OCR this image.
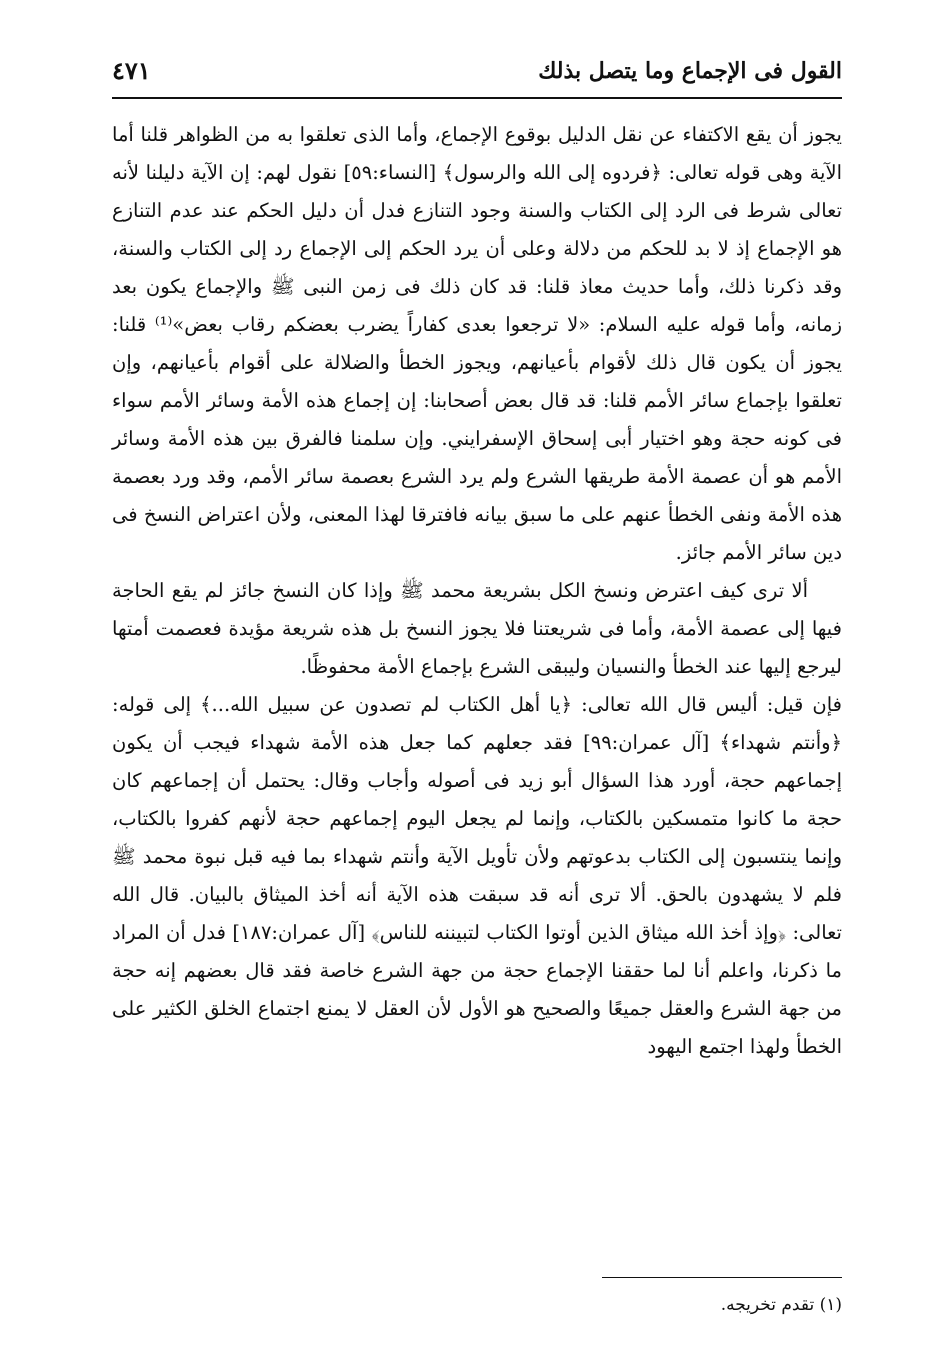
القول فى الإجماع وما يتصل بذلك
٤٧١

يجوز أن يقع الاكتفاء عن نقل الدليل بوقوع الإجماع، وأما الذى تعلقوا به من الظواهر قلنا أما الآية وهى قوله تعالى: ﴿فردوه إلى الله والرسول﴾ [النساء:٥٩] نقول لهم: إن الآية دليلنا لأنه تعالى شرط فى الرد إلى الكتاب والسنة وجود التنازع فدل أن دليل الحكم عند عدم التنازع هو الإجماع إذ لا بد للحكم من دلالة وعلى أن يرد الحكم إلى الإجماع رد إلى الكتاب والسنة، وقد ذكرنا ذلك، وأما حديث معاذ قلنا: قد كان ذلك فى زمن النبى ﷺ والإجماع يكون بعد زمانه، وأما قوله عليه السلام: «لا ترجعوا بعدى كفاراً يضرب بعضكم رقاب بعض»⁽¹⁾ قلنا: يجوز أن يكون قال ذلك لأقوام بأعيانهم، ويجوز الخطأ والضلالة على أقوام بأعيانهم، وإن تعلقوا بإجماع سائر الأمم قلنا: قد قال بعض أصحابنا: إن إجماع هذه الأمة وسائر الأمم سواء فى كونه حجة وهو اختيار أبى إسحاق الإسفرايني. وإن سلمنا فالفرق بين هذه الأمة وسائر الأمم هو أن عصمة الأمة طريقها الشرع ولم يرد الشرع بعصمة سائر الأمم، وقد ورد بعصمة هذه الأمة ونفى الخطأ عنهم على ما سبق بيانه فافترقا لهذا المعنى، ولأن اعتراض النسخ فى دين سائر الأمم جائز.

ألا ترى كيف اعترض ونسخ الكل بشريعة محمد ﷺ وإذا كان النسخ جائز لم يقع الحاجة فيها إلى عصمة الأمة، وأما فى شريعتنا فلا يجوز النسخ بل هذه شريعة مؤيدة فعصمت أمتها ليرجع إليها عند الخطأ والنسيان وليبقى الشرع بإجماع الأمة محفوظًا.

فإن قيل: أليس قال الله تعالى: ﴿يا أهل الكتاب لم تصدون عن سبيل الله...﴾ إلى قوله: ﴿وأنتم شهداء﴾ [آل عمران:٩٩] فقد جعلهم كما جعل هذه الأمة شهداء فيجب أن يكون إجماعهم حجة، أورد هذا السؤال أبو زيد فى أصوله وأجاب وقال: يحتمل أن إجماعهم كان حجة ما كانوا متمسكين بالكتاب، وإنما لم يجعل اليوم إجماعهم حجة لأنهم كفروا بالكتاب، وإنما ينتسبون إلى الكتاب بدعوتهم ولأن تأويل الآية وأنتم شهداء بما فيه قبل نبوة محمد ﷺ فلم لا يشهدون بالحق. ألا ترى أنه قد سبقت هذه الآية أنه أخذ الميثاق بالبيان. قال الله تعالى: ﴿وإذ أخذ الله ميثاق الذين أوتوا الكتاب لتبيننه للناس﴾ [آل عمران:١٨٧] فدل أن المراد ما ذكرنا، واعلم أنا لما حققنا الإجماع حجة من جهة الشرع خاصة فقد قال بعضهم إنه حجة من جهة الشرع والعقل جميعًا والصحيح هو الأول لأن العقل لا يمنع اجتماع الخلق الكثير على الخطأ ولهذا اجتمع اليهود

(١) تقدم تخريجه.
